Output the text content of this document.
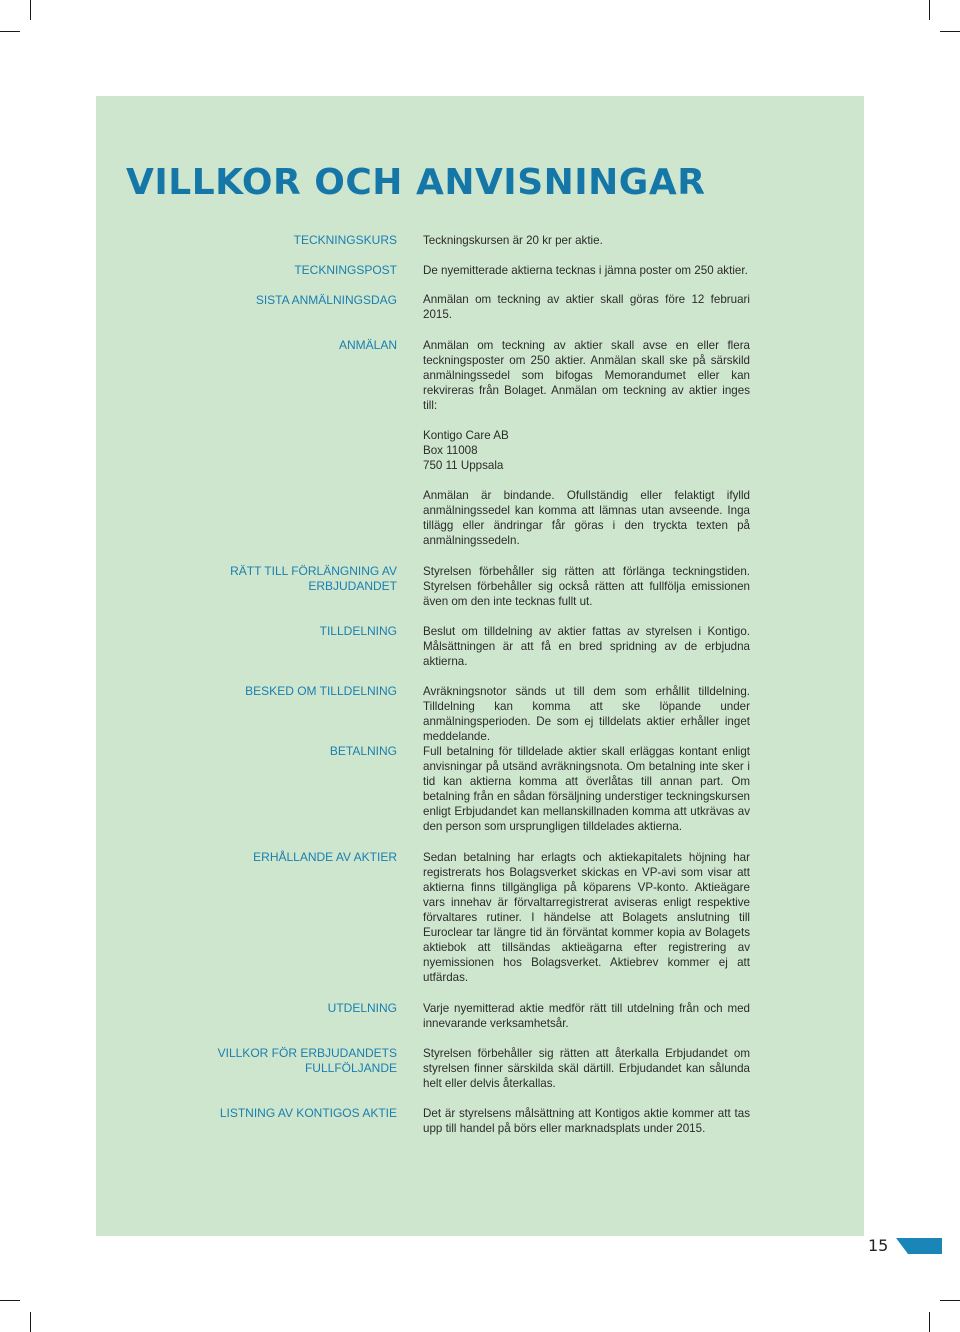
VILLKOR OCH ANVISNINGAR
TECKNINGSKURS Teckningskursen är 20 kr per aktie.

TECKNINGSPOST De nyemitterade aktierna tecknas i jämna poster om 250 aktier.

SISTA ANMÄLNINGSDAG Anmälan om teckning av aktier skall göras före 12 februari 2015.

ANMÄLAN Anmälan om teckning av aktier skall avse en eller flera teckningsposter om 250 aktier. Anmälan skall ske på särskild anmälningssedel som bifogas Memorandumet eller kan rekvireras från Bolaget. Anmälan om teckning av aktier inges till:

Kontigo Care AB
Box 11008
750 11 Uppsala

Anmälan är bindande. Ofullständig eller felaktigt ifylld anmälningssedel kan komma att lämnas utan avseende. Inga tillägg eller ändringar får göras i den tryckta texten på anmälningssedeln.

RÄTT TILL FÖRLÄNGNING AV ERBJUDANDET

Styrelsen förbehåller sig rätten att förlänga teckningstiden. Styrelsen förbehåller sig också rätten att fullfölja emissionen även om den inte tecknas fullt ut.

TILLDELNING Beslut om tilldelning av aktier fattas av styrelsen i Kontigo. Målsättningen är att få en bred spridning av de erbjudna aktierna.

BESKED OM TILLDELNING Avräkningsnotor sänds ut till dem som erhållit tilldelning. Tilldelning kan komma att ske löpande under anmälningsperioden. De som ej tilldelats aktier erhåller inget meddelande.

BETALNING Full betalning för tilldelade aktier skall erläggas kontant enligt anvisningar på utsänd avräkningsnota. Om betalning inte sker i tid kan aktierna komma att överlåtas till annan part. Om betalning från en sådan försäljning understiger teckningskursen enligt Erbjudandet kan mellanskillnaden komma att utkrävas av den person som ursprungligen tilldelades aktierna.

ERHÅLLANDE AV AKTIER Sedan betalning har erlagts och aktiekapitalets höjning har registrerats hos Bolagsverket skickas en VP-avi som visar att aktierna finns tillgängliga på köparens VP-konto. Aktieägare vars innehav är förvaltarregistrerat aviseras enligt respektive förvaltares rutiner. I händelse att Bolagets anslutning till Euroclear tar längre tid än förväntat kommer kopia av Bolagets aktiebok att tillsändas aktieägarna efter registrering av nyemissionen hos Bolagsverket. Aktiebrev kommer ej att utfärdas.

UTDELNING Varje nyemitterad aktie medför rätt till utdelning från och med innevarande verksamhetsår.

VILLKOR FÖR ERBJUDANDETS FULLFÖLJANDE

Styrelsen förbehåller sig rätten att återkalla Erbjudandet om styrelsen finner särskilda skäl därtill. Erbjudandet kan sålunda helt eller delvis återkallas.

LISTNING AV KONTIGOS AKTIE Det är styrelsens målsättning att Kontigos aktie kommer att tas upp till handel på börs eller marknadsplats under 2015.

15
